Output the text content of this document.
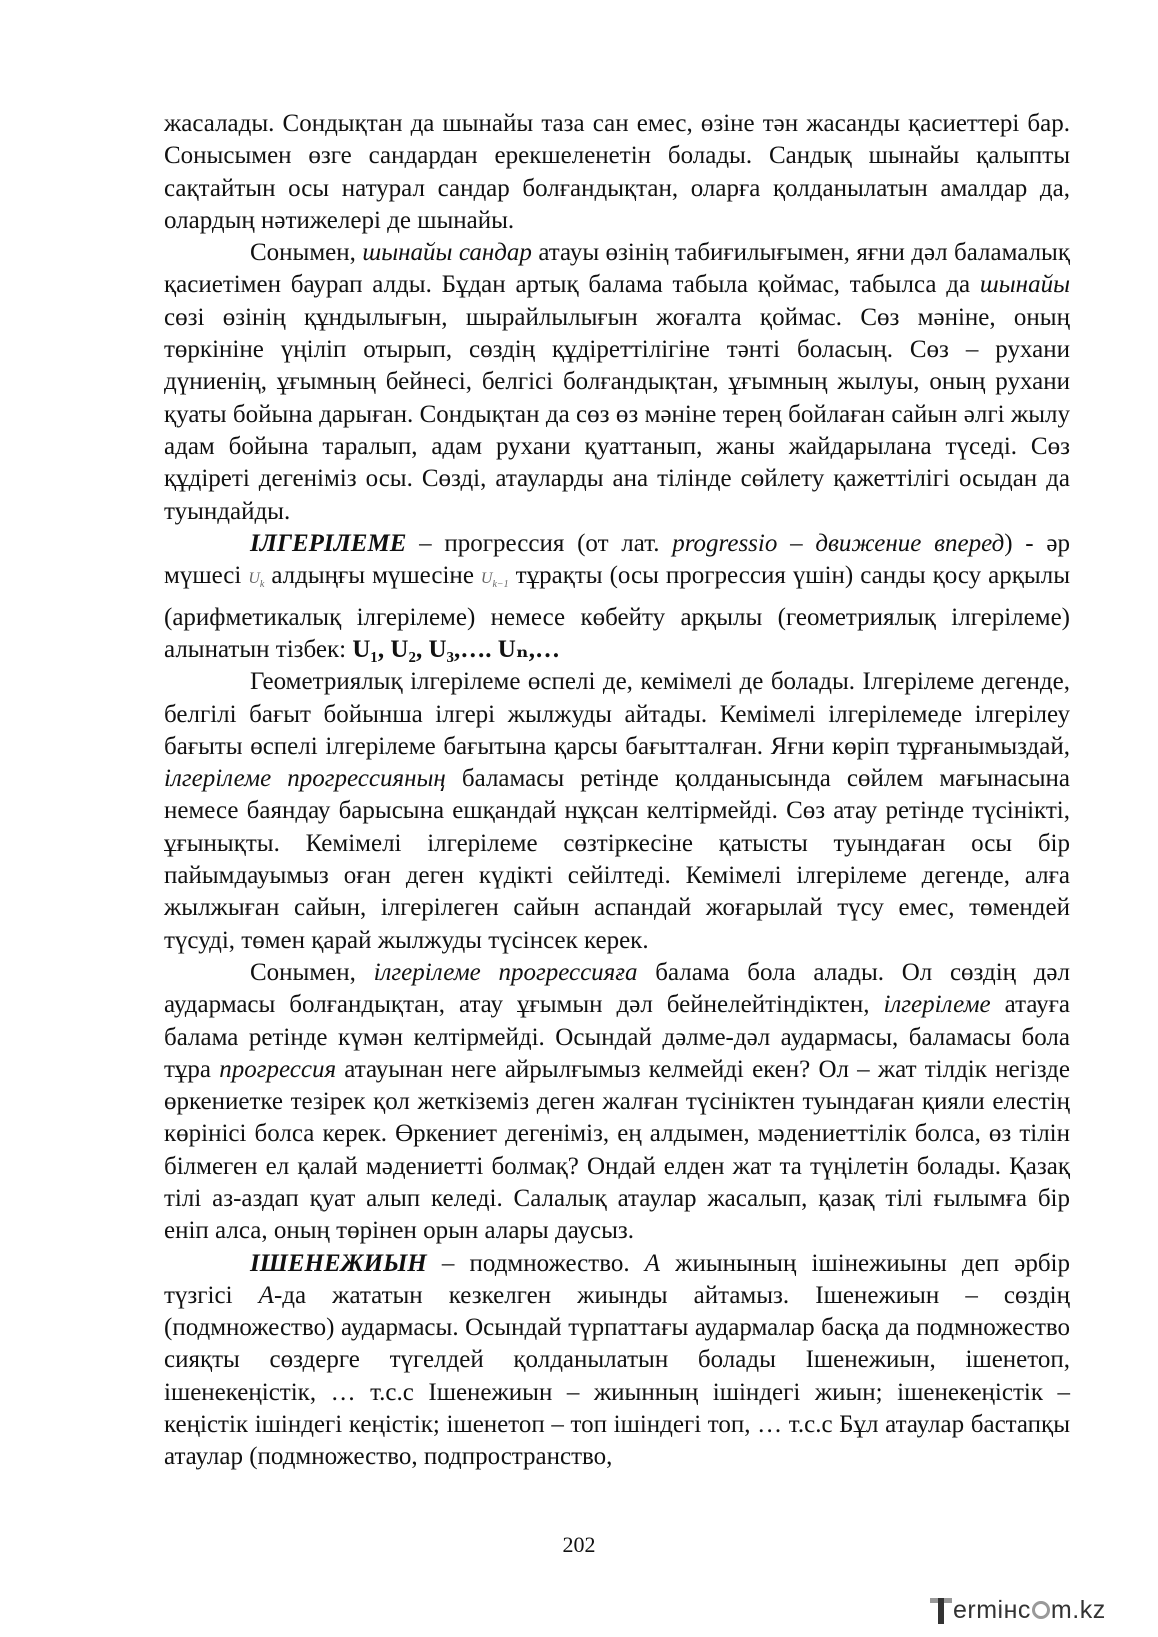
жасалады. Сондықтан да шынайы таза сан емес, өзіне тән жасанды қасиеттері бар. Сонысымен өзге сандардан ерекшеленетін болады. Сандық шынайы қалыпты сақтайтын осы натурал сандар болғандықтан, оларға қолданылатын амалдар да, олардың нәтижелері де шынайы.

Сонымен, шынайы сандар атауы өзінің табиғилығымен, яғни дәл баламалық қасиетімен баурап алды. Бұдан артық балама табыла қоймас, табылса да шынайы сөзі өзінің құндылығын, шырайлылығын жоғалта қоймас. Сөз мәніне, оның төркініне үңіліп отырып, сөздің құдіреттілігіне тәнті боласың. Сөз – рухани дүниенің, ұғымның бейнесі, белгісі болғандықтан, ұғымның жылуы, оның рухани қуаты бойына дарыған. Сондықтан да сөз өз мәніне терең бойлаған сайын әлгі жылу адам бойына таралып, адам рухани қуаттанып, жаны жайдарылана түседі. Сөз құдіреті дегеніміз осы. Сөзді, атауларды ана тілінде сөйлету қажеттілігі осыдан да туындайды.

ІЛГЕРІЛЕМЕ – прогрессия (от лат. progressio – движение вперед) - әр мүшесі $U_k$ алдыңғы мүшесіне $U_{k-1}$ тұрақты (осы прогрессия үшін) санды қосу арқылы (арифметикалық ілгерілеме) немесе көбейту арқылы (геометриялық ілгерілеме) алынатын тізбек: U₁, U₂, U₃,…. Uₙ,…

Геометриялық ілгерілеме өспелі де, кемімелі де болады. Ілгерілеме дегенде, белгілі бағыт бойынша ілгері жылжуды айтады. Кемімелі ілгерілемеде ілгерілеу бағыты өспелі ілгерілеме бағытына қарсы бағытталған. Яғни көріп тұрғанымыздай, ілгерілеме прогрессияның баламасы ретінде қолданысында сөйлем мағынасына немесе баяндау барысына ешқандай нұқсан келтірмейді. Сөз атау ретінде түсінікті, ұғынықты. Кемімелі ілгерілеме сөзтіркесіне қатысты туындаған осы бір пайымдауымыз оған деген күдікті сейілтеді. Кемімелі ілгерілеме дегенде, алға жылжыған сайын, ілгерілеген сайын аспандай жоғарылай түсу емес, төмендей түсуді, төмен қарай жылжуды түсінсек керек.

Сонымен, ілгерілеме прогрессияға балама бола алады. Ол сөздің дәл аудармасы болғандықтан, атау ұғымын дәл бейнелейтіндіктен, ілгерілеме атауға балама ретінде күмән келтірмейді. Осындай дәлме-дәл аудармасы, баламасы бола тұра прогрессия атауынан неге айрылғымыз келмейді екен? Ол – жат тілдік негізде өркениетке тезірек қол жеткіземіз деген жалған түсініктен туындаған қияли елестің көрінісі болса керек. Өркениет дегеніміз, ең алдымен, мәдениеттілік болса, өз тілін білмеген ел қалай мәдениетті болмақ? Ондай елден жат та түңілетін болады. Қазақ тілі аз-аздап қуат алып келеді. Салалық атаулар жасалып, қазақ тілі ғылымға бір еніп алса, оның төрінен орын алары даусыз.

ІШЕНЕЖИЫН – подмножество. А жиынының ішінежиыны деп әрбір түзгісі А-да жататын кезкелген жиынды айтамыз. Ішенежиын – сөздің (подмножество) аудармасы. Осындай түрпаттағы аудармалар басқа да подмножество сияқты сөздерге түгелдей қолданылатын болады Ішенежиын, ішенетоп, ішенекеңістік, … т.с.с Ішенежиын – жиынның ішіндегі жиын; ішенекеңістік – кеңістік ішіндегі кеңістік; ішенетоп – топ ішіндегі топ, … т.с.с Бұл атаулар бастапқы атаулар (подмножество, подпространство,

202
ermінc m.kz
